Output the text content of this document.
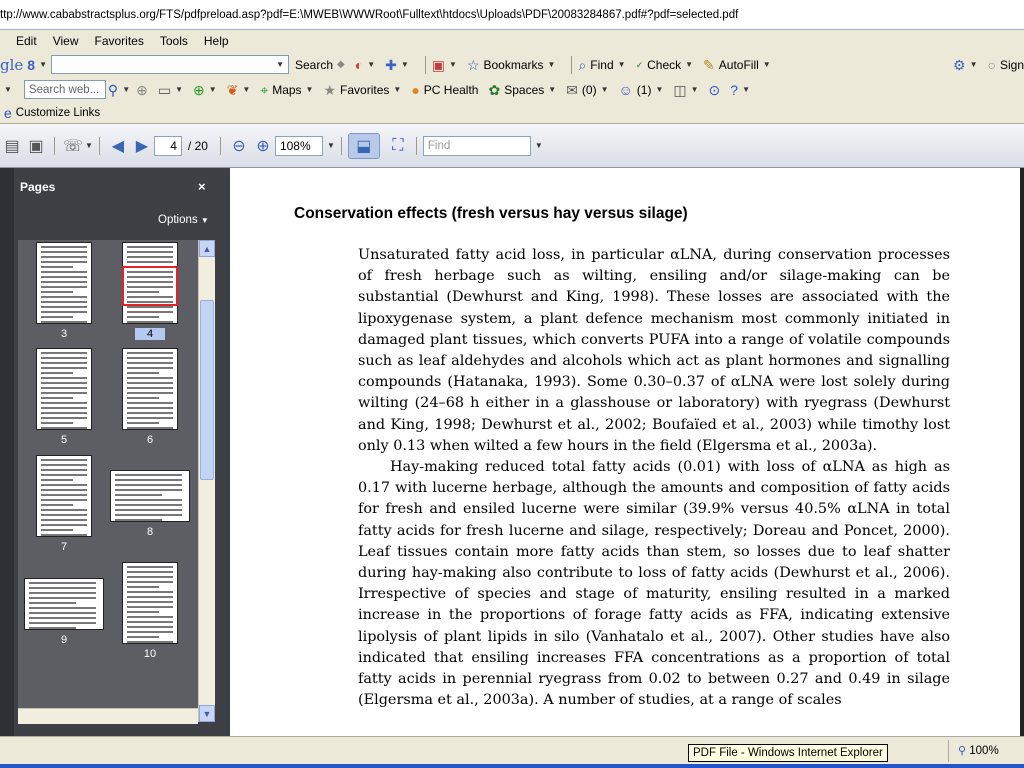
ttp://www.cababstractsplus.org/FTS/pdfpreload.asp?pdf=E:\MWEB\WWWRoot\Fulltext\htdocs\Uploads\PDF\20083284867.pdf#?pdf=selected.pdf
Edit	View	Favorites	Tools	Help
gle 8 ▼	▼ Search ◆ ◐ ▼ ✚ ▼ ▣ ▼ ☆ Bookmarks ▼ ⌕ Find ▼ ✓ Check ▼ ✎ AutoFill ▼	⚙ ▼ ○ Sign
▼ Search web... ⚲ ▼ ⊕ ▭ ▼ ⊕ ▼ ❦ ▼ ⌖ Maps ▼ ★ Favorites ▼ ● PC Health ✿ Spaces ▼ ✉ (0) ▼ ☺ (1) ▼ ◫ ▼ ⊙ ? ▼
e Customize Links
▤ ▣ ☏ ▼	◀ ▶	4 / 20	⊖ ⊕ 108%	▼	⬓	⛶	Find	▼
Pages	×
Options ▼
3	4
5	6
7
8
9
10
▲
▼
Conservation effects (fresh versus hay versus silage)

Unsaturated fatty acid loss, in particular αLNA, during conservation processes of fresh herbage such as wilting, ensiling and/or silage-making can be substantial (Dewhurst and King, 1998). These losses are associated with the lipoxygenase system, a plant defence mechanism most commonly initiated in damaged plant tissues, which converts PUFA into a range of volatile compounds such as leaf aldehydes and alcohols which act as plant hormones and signalling compounds (Hatanaka, 1993). Some 0.30–0.37 of αLNA were lost solely during wilting (24–68 h either in a glasshouse or laboratory) with ryegrass (Dewhurst and King, 1998; Dewhurst et al., 2002; Boufaïed et al., 2003) while timothy lost only 0.13 when wilted a few hours in the field (Elgersma et al., 2003a).

Hay-making reduced total fatty acids (0.01) with loss of αLNA as high as 0.17 with lucerne herbage, although the amounts and composition of fatty acids for fresh and ensiled lucerne were similar (39.9% versus 40.5% αLNA in total fatty acids for fresh lucerne and silage, respectively; Doreau and Poncet, 2000). Leaf tissues contain more fatty acids than stem, so losses due to leaf shatter during hay-making also contribute to loss of fatty acids (Dewhurst et al., 2006). Irrespective of species and stage of maturity, ensiling resulted in a marked increase in the proportions of forage fatty acids as FFA, indicating extensive lipolysis of plant lipids in silo (Vanhatalo et al., 2007). Other studies have also indicated that ensiling increases FFA concentrations as a proportion of total fatty acids in perennial ryegrass from 0.02 to between 0.27 and 0.49 in silage (Elgersma et al., 2003a). A number of studies, at a range of scales

PDF File - Windows Internet Explorer	⚲ 100%
